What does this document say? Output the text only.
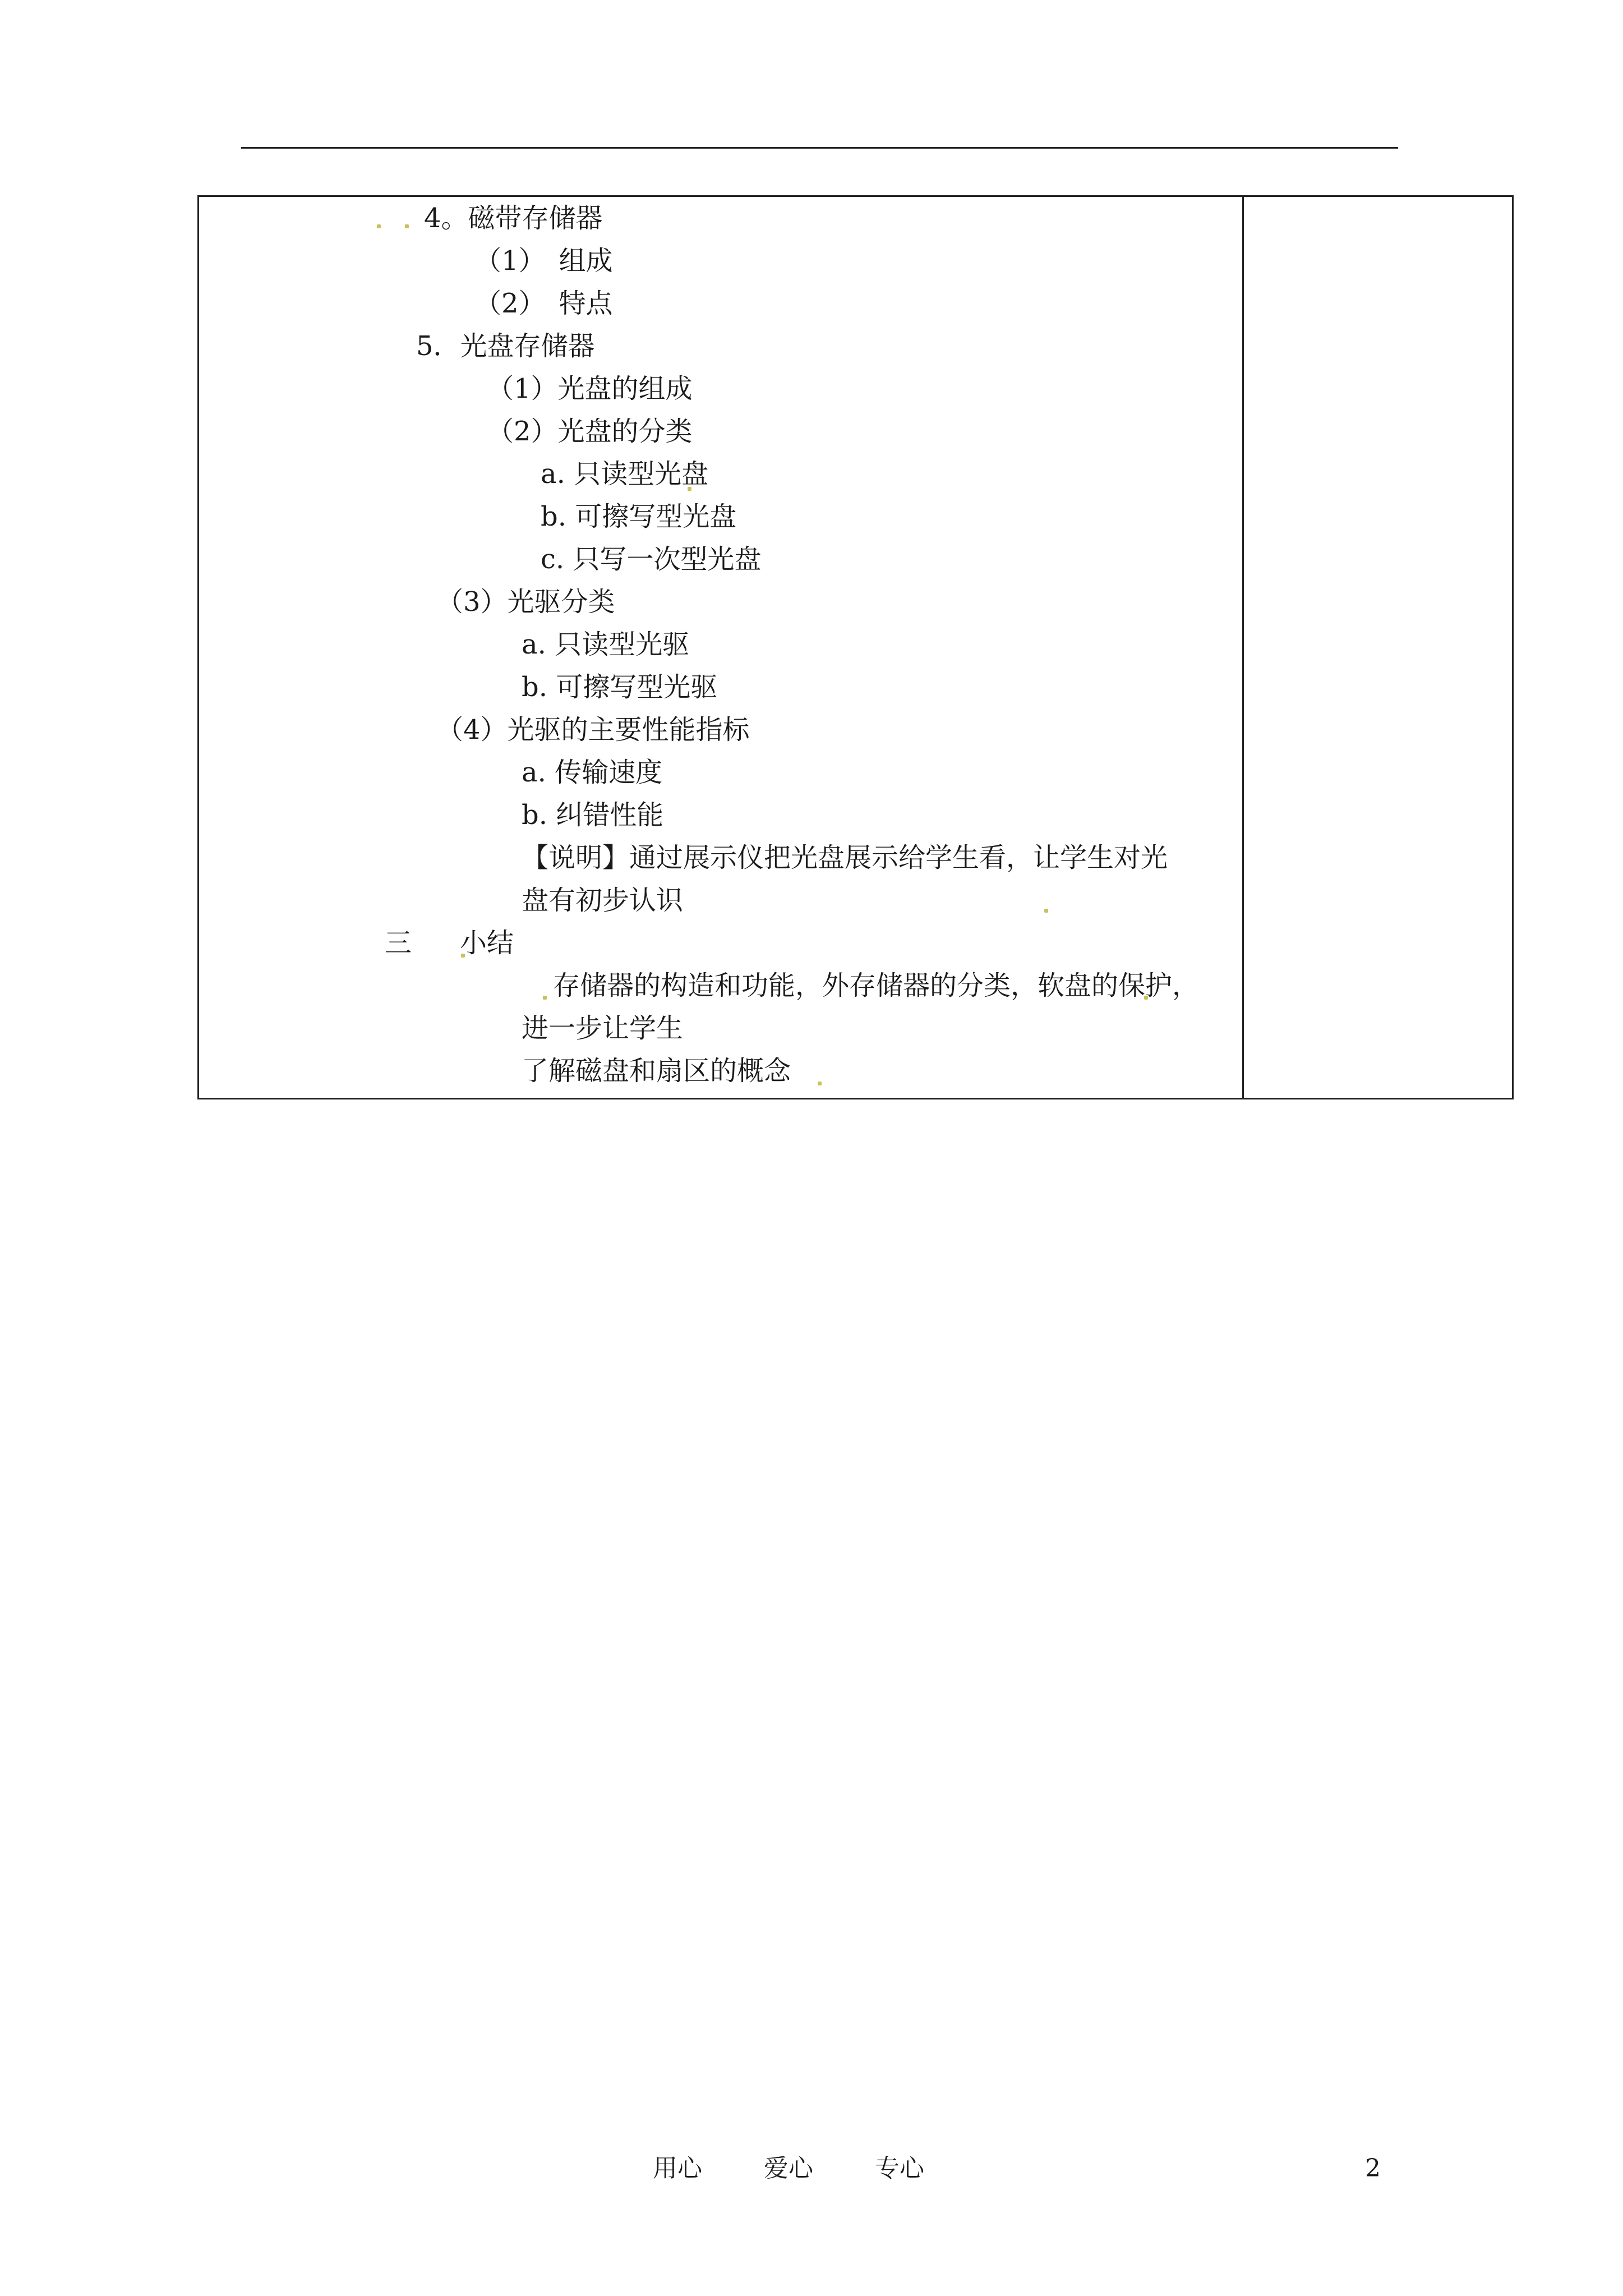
4。磁带存储器
（1）　组成
（2）　特点
5．光盘存储器
（1）光盘的组成
（2）光盘的分类
a. 只读型光盘
b. 可擦写型光盘
c. 只写一次型光盘
（3）光驱分类
a. 只读型光驱
b. 可擦写型光驱
（4）光驱的主要性能指标
a. 传输速度
b. 纠错性能
【说明】通过展示仪把光盘展示给学生看，让学生对光
盘有初步认识
三 小结
存储器的构造和功能，外存储器的分类，软盘的保护，
进一步让学生
了解磁盘和扇区的概念
用心	爱心	专心	2
